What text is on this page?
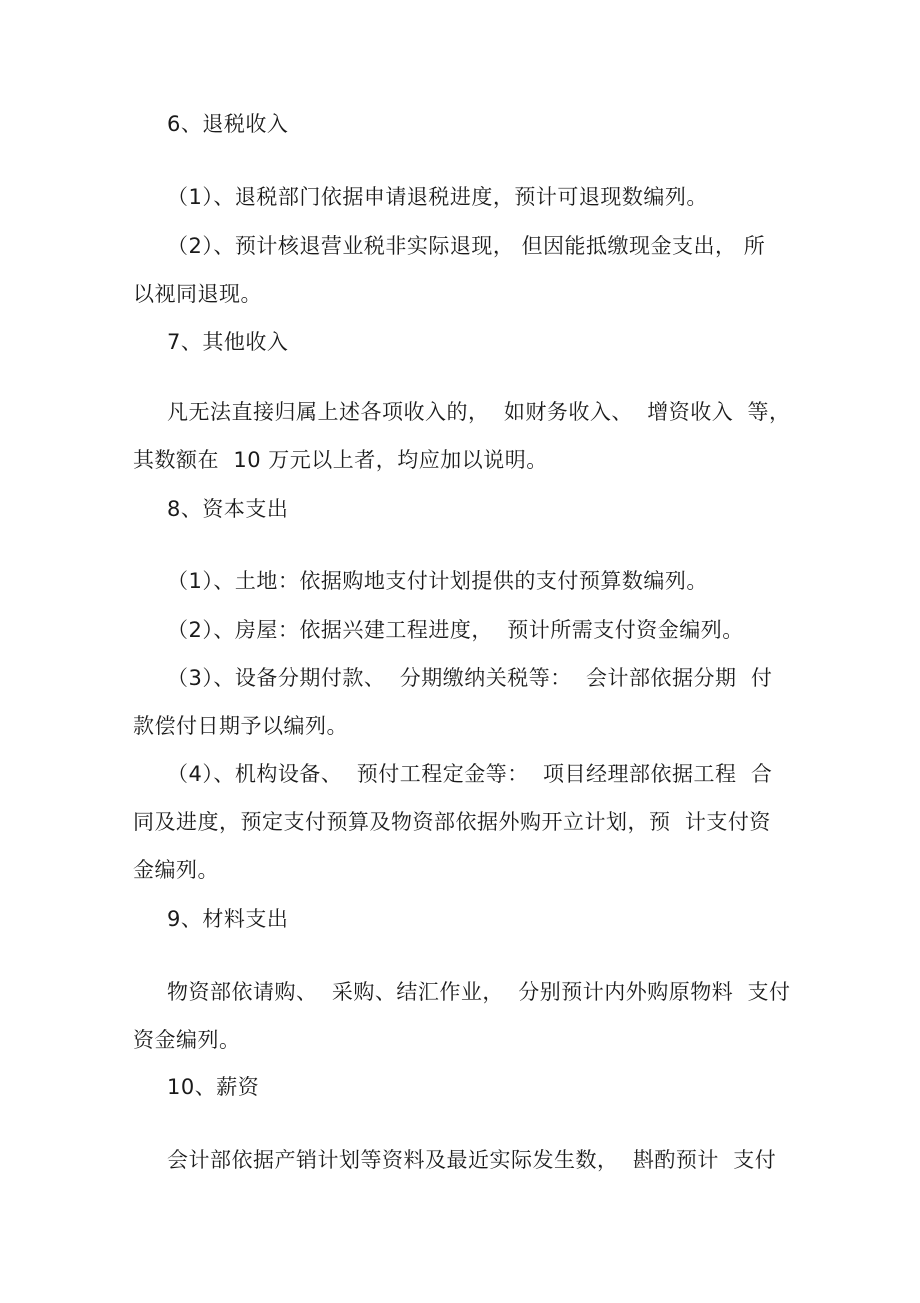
6、退税收入
（1）、退税部门依据申请退税进度，预计可退现数编列。
（2）、预计核退营业税非实际退现， 但因能抵缴现金支出， 所
以视同退现。
7、其他收入
凡无法直接归属上述各项收入的，  如财务收入、  增资收入  等，
其数额在  10 万元以上者，均应加以说明。
8、资本支出
（1）、土地：依据购地支付计划提供的支付预算数编列。
（2）、房屋：依据兴建工程进度，  预计所需支付资金编列。
（3）、设备分期付款、  分期缴纳关税等：  会计部依据分期  付
款偿付日期予以编列。
（4）、机构设备、  预付工程定金等：  项目经理部依据工程  合
同及进度，预定支付预算及物资部依据外购开立计划，预  计支付资
金编列。
9、材料支出
物资部依请购、  采购、结汇作业，  分别预计内外购原物料  支付
资金编列。
10、薪资
会计部依据产销计划等资料及最近实际发生数，  斟酌预计  支付
